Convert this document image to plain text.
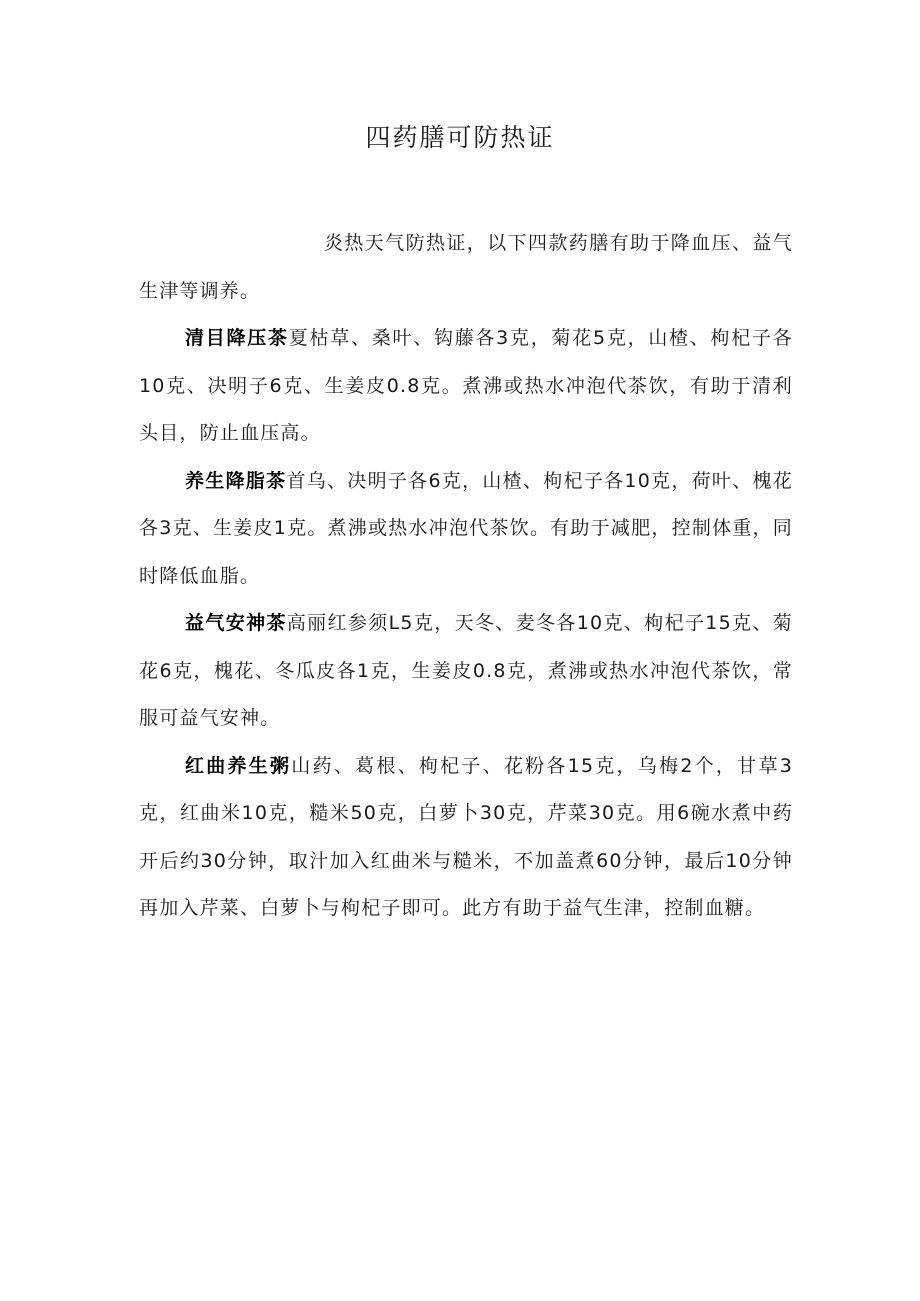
四药膳可防热证

炎热天气防热证，以下四款药膳有助于降血压、益气生津等调养。

清目降压茶夏枯草、桑叶、钩藤各3克，菊花5克，山楂、枸杞子各10克、决明子6克、生姜皮0.8克。煮沸或热水冲泡代茶饮，有助于清利头目，防止血压高。

养生降脂茶首乌、决明子各6克，山楂、枸杞子各10克，荷叶、槐花各3克、生姜皮1克。煮沸或热水冲泡代茶饮。有助于减肥，控制体重，同时降低血脂。

益气安神茶高丽红参须L5克，天冬、麦冬各10克、枸杞子15克、菊花6克，槐花、冬瓜皮各1克，生姜皮0.8克，煮沸或热水冲泡代茶饮，常服可益气安神。

红曲养生粥山药、葛根、枸杞子、花粉各15克，乌梅2个，甘草3克，红曲米10克，糙米50克，白萝卜30克，芹菜30克。用6碗水煮中药开后约30分钟，取汁加入红曲米与糙米，不加盖煮60分钟，最后10分钟再加入芹菜、白萝卜与枸杞子即可。此方有助于益气生津，控制血糖。
